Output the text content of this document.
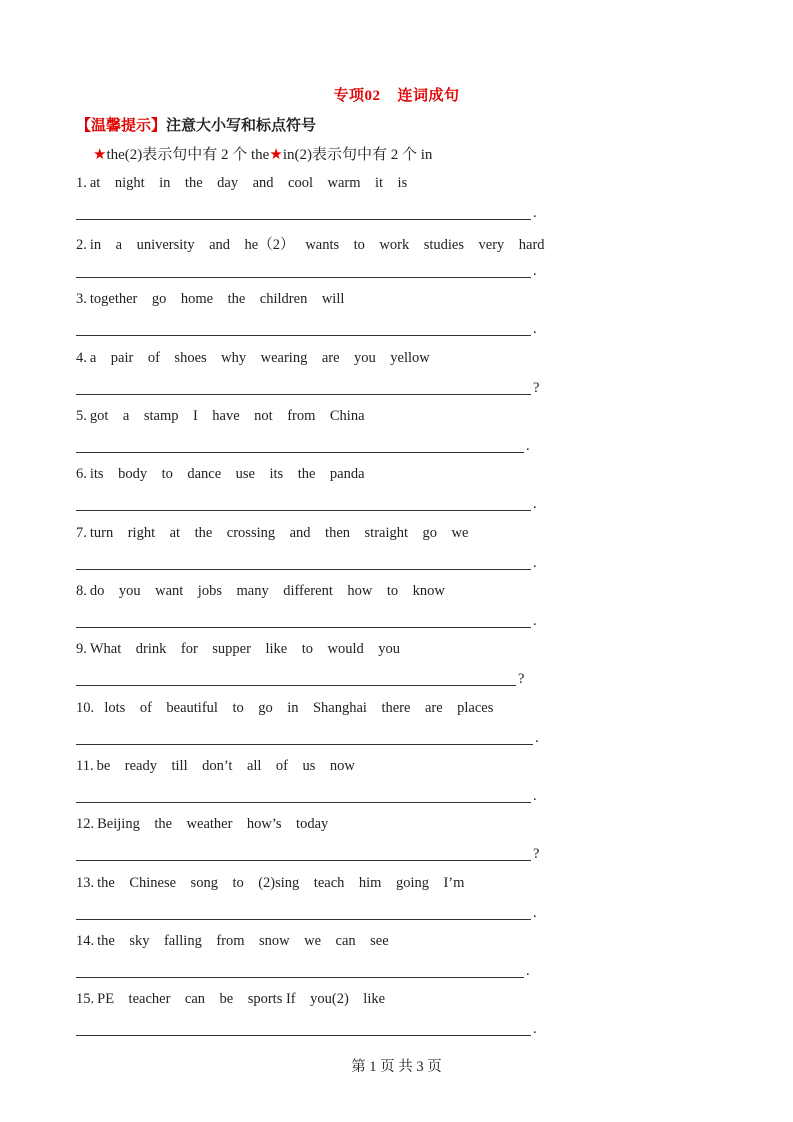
专项02 连词成句
【温馨提示】注意大小写和标点符号
★the(2)表示句中有 2 个 the★in(2)表示句中有 2 个 in
1. at    night    in    the    day    and    cool    warm    it    is
.
2. in    a    university    and    he（2）   wants    to    work    studies    very    hard
.
3. together    go    home    the    children    will
.
4. a    pair    of    shoes    why    wearing    are    you    yellow
?
5. got    a    stamp    I    have    not    from    China
.
6. its    body    to    dance    use    its    the    panda
.
7. turn    right    at    the    crossing    and    then    straight    go    we
.
8. do    you    want    jobs    many    different    how    to    know
.
9. What    drink    for    supper    like    to    would    you
?
10.  lots    of    beautiful    to    go    in    Shanghai    there    are    places
.
11. be    ready    till    don’t    all    of    us    now
.
12. Beijing    the    weather    how’s    today
?
13. the    Chinese    song    to    (2)sing    teach    him    going    I’m
.
14. the    sky    falling    from    snow    we    can    see
.
15. PE    teacher    can    be    sports If    you(2)    like
.
第 1 页 共 3 页
